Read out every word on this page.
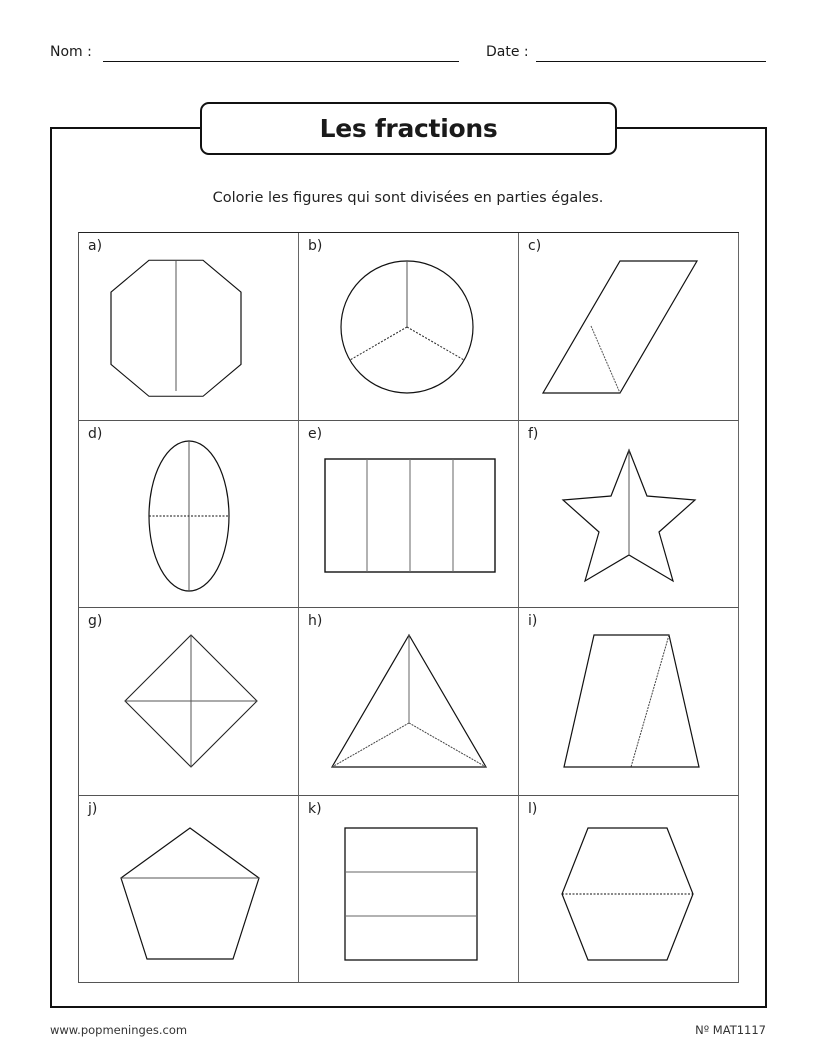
Nom :	Date :
Les fractions
Colorie les figures qui sont divisées en parties égales.
a)	b)	c)
d)	e)	f)
g)	h)	i)
j)	k)	l)
www.popmeninges.com	Nº MAT1117
